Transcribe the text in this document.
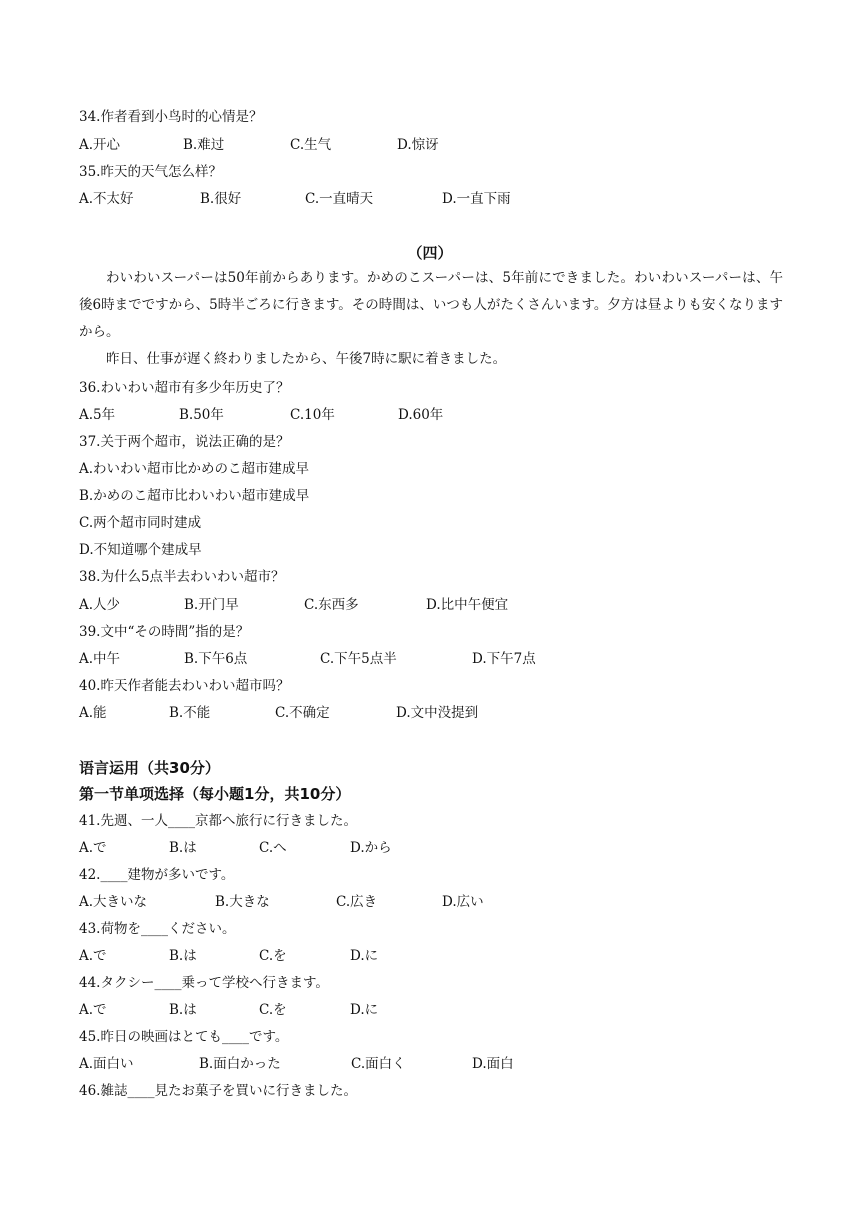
34.作者看到小鸟时的心情是？
A.开心	B.难过	C.生气	D.惊讶
35.昨天的天气怎么样？
A.不太好	B.很好	C.一直晴天	D.一直下雨
（四）

わいわいスーパーは50年前からあります。かめのこスーパーは、5年前にできました。わいわいスーパーは、午後6時までですから、5時半ごろに行きます。その時間は、いつも人がたくさんいます。夕方は昼よりも安くなりますから。

昨日、仕事が遅く終わりましたから、午後7時に駅に着きました。

36.わいわい超市有多少年历史了？
A.5年	B.50年	C.10年	D.60年
37.关于两个超市，说法正确的是？
A.わいわい超市比かめのこ超市建成早
B.かめのこ超市比わいわい超市建成早
C.两个超市同时建成
D.不知道哪个建成早
38.为什么5点半去わいわい超市？
A.人少	B.开门早	C.东西多	D.比中午便宜
39.文中“その時間”指的是？
A.中午	B.下午6点	C.下午5点半	D.下午7点
40.昨天作者能去わいわい超市吗？
A.能	B.不能	C.不确定	D.文中没提到
语言运用（共30分）
第一节单项选择（每小题1分，共10分）
41.先週、一人____京都へ旅行に行きました。
A.で	B.は	C.へ	D.から
42.____建物が多いです。
A.大きいな	B.大きな	C.広き	D.広い
43.荷物を____ください。
A.で	B.は	C.を	D.に
44.タクシー____乗って学校へ行きます。
A.で	B.は	C.を	D.に
45.昨日の映画はとても____です。
A.面白い	B.面白かった	C.面白く	D.面白
46.雑誌____見たお菓子を買いに行きました。
